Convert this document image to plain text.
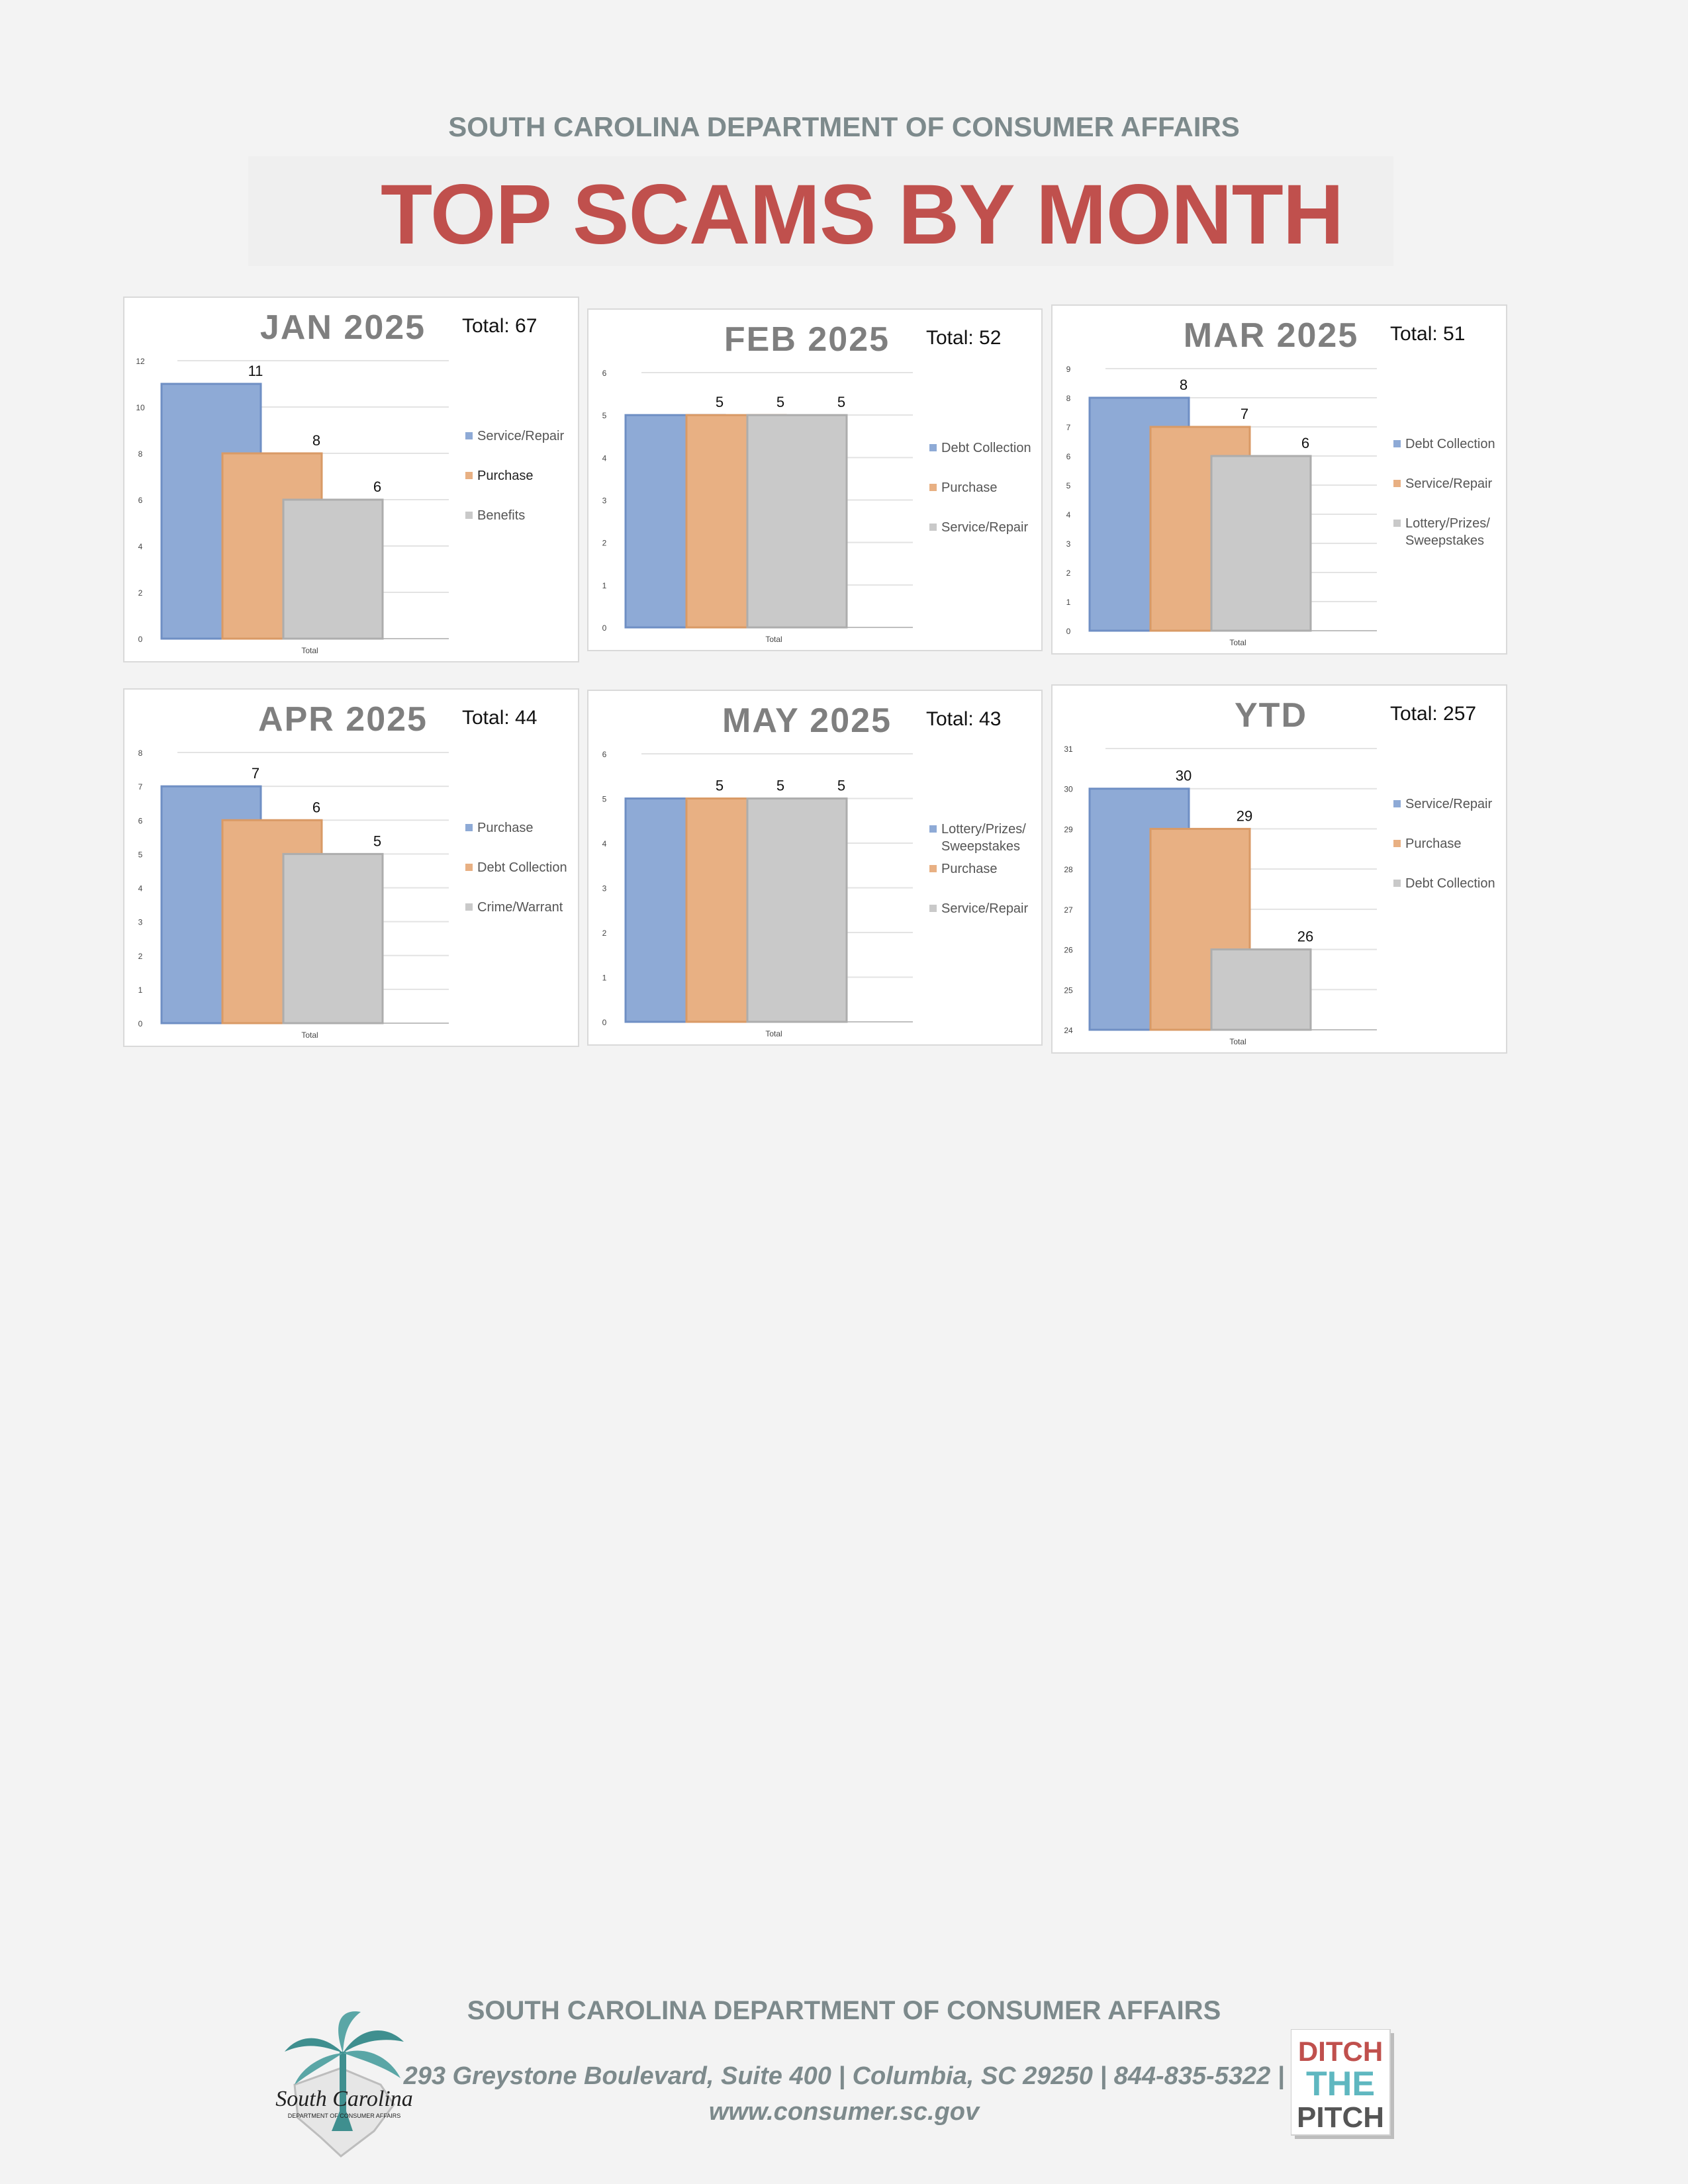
SOUTH CAROLINA DEPARTMENT OF CONSUMER AFFAIRS
TOP SCAMS BY MONTH
JAN 2025 Total: 67
0
2
4
6
8
10
12
11
8
6
Total
Service/Repair
Purchase
Benefits
FEB 2025 Total: 52
0
1
2
3
4
5
6
5	5	5
Total
Debt Collection
Purchase
Service/Repair
MAR 2025 Total: 51
0
1
2
3
4
5
6
7
8
9
8
7
6
Total
Debt Collection
Service/Repair
Lottery/Prizes/
Sweepstakes
APR 2025 Total: 44
0
1
2
3
4
5
6
7
8
7
6
5
Total
Purchase
Debt Collection
Crime/Warrant
MAY 2025 Total: 43
0
1
2
3
4
5
6
5	5	5
Total
Lottery/Prizes/
Sweepstakes
Purchase
Service/Repair
YTD	Total: 257
24
25
26
27
28
29
30
31
30
29
26
Total
Service/Repair
Purchase
Debt Collection
SOUTH CAROLINA DEPARTMENT OF CONSUMER AFFAIRS
293 Greystone Boulevard, Suite 400 | Columbia, SC 29250 | 844-835-5322 |
www.consumer.sc.gov
South Carolina
DEPARTMENT OF CONSUMER AFFAIRS
DITCH
THE
PITCH
